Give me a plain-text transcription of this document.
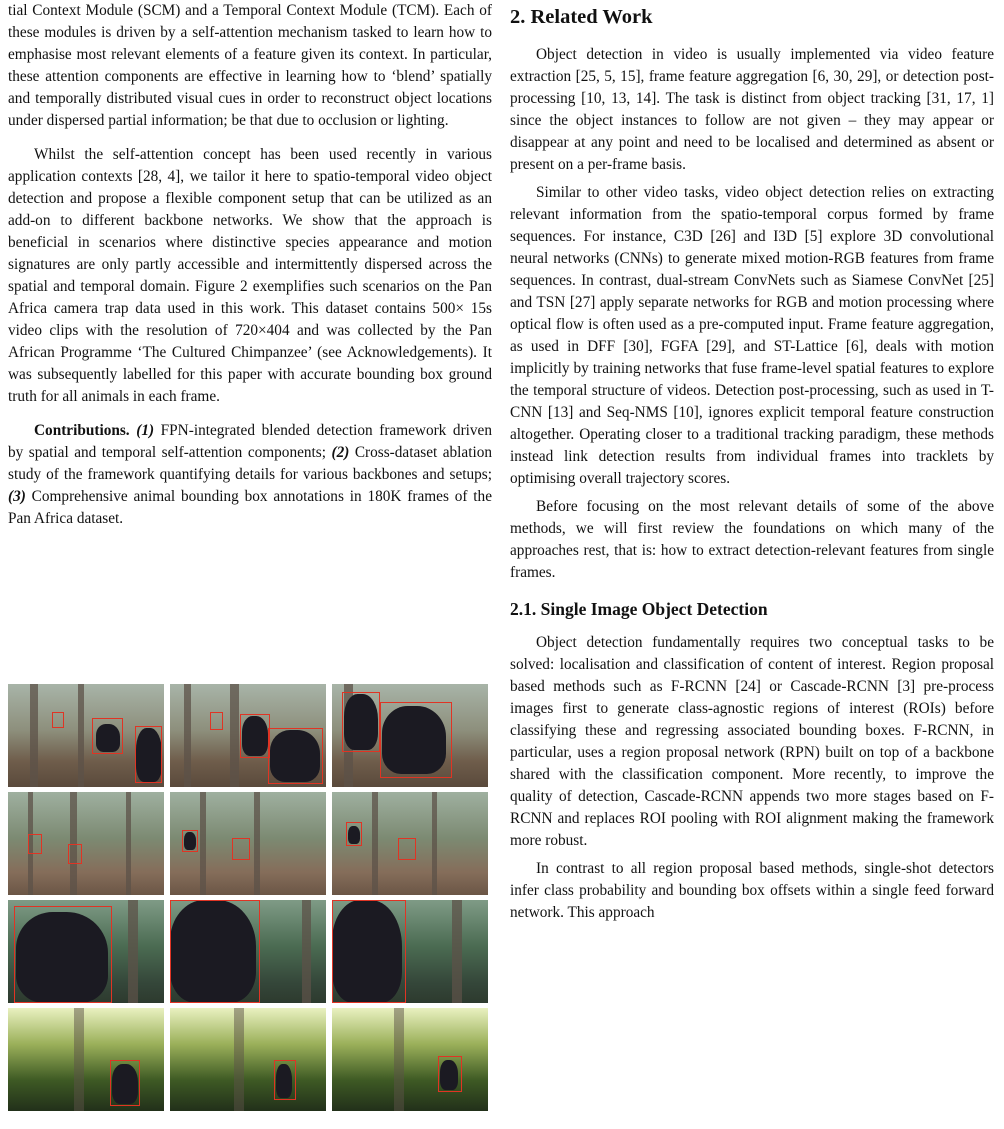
tial Context Module (SCM) and a Temporal Context Module (TCM). Each of these modules is driven by a self-attention mechanism tasked to learn how to emphasise most relevant elements of a feature given its context. In particular, these attention components are effective in learning how to ‘blend’ spatially and temporally distributed visual cues in order to reconstruct object locations under dispersed partial information; be that due to occlusion or lighting.

Whilst the self-attention concept has been used recently in various application contexts [28, 4], we tailor it here to spatio-temporal video object detection and propose a flexible component setup that can be utilized as an add-on to different backbone networks. We show that the approach is beneficial in scenarios where distinctive species appearance and motion signatures are only partly accessible and intermittently dispersed across the spatial and temporal domain. Figure 2 exemplifies such scenarios on the Pan Africa camera trap data used in this work. This dataset contains 500× 15s video clips with the resolution of 720×404 and was collected by the Pan African Programme ‘The Cultured Chimpanzee’ (see Acknowledgements). It was subsequently labelled for this paper with accurate bounding box ground truth for all animals in each frame.

Contributions. (1) FPN-integrated blended detection framework driven by spatial and temporal self-attention components; (2) Cross-dataset ablation study of the framework quantifying details for various backbones and setups; (3) Comprehensive animal bounding box annotations in 180K frames of the Pan Africa dataset.

2. Related Work

Object detection in video is usually implemented via video feature extraction [25, 5, 15], frame feature aggregation [6, 30, 29], or detection post-processing [10, 13, 14]. The task is distinct from object tracking [31, 17, 1] since the object instances to follow are not given – they may appear or disappear at any point and need to be localised and determined as absent or present on a per-frame basis.

Similar to other video tasks, video object detection relies on extracting relevant information from the spatio-temporal corpus formed by frame sequences. For instance, C3D [26] and I3D [5] explore 3D convolutional neural networks (CNNs) to generate mixed motion-RGB features from frame sequences. In contrast, dual-stream ConvNets such as Siamese ConvNet [25] and TSN [27] apply separate networks for RGB and motion processing where optical flow is often used as a pre-computed input. Frame feature aggregation, as used in DFF [30], FGFA [29], and ST-Lattice [6], deals with motion implicitly by training networks that fuse frame-level spatial features to explore the temporal structure of videos. Detection post-processing, such as used in T-CNN [13] and Seq-NMS [10], ignores explicit temporal feature construction altogether. Operating closer to a traditional tracking paradigm, these methods instead link detection results from individual frames into tracklets by optimising overall trajectory scores.

Before focusing on the most relevant details of some of the above methods, we will first review the foundations on which many of the approaches rest, that is: how to extract detection-relevant features from single frames.

2.1. Single Image Object Detection

Object detection fundamentally requires two conceptual tasks to be solved: localisation and classification of content of interest. Region proposal based methods such as F-RCNN [24] or Cascade-RCNN [3] pre-process images first to generate class-agnostic regions of interest (ROIs) before classifying these and regressing associated bounding boxes. F-RCNN, in particular, uses a region proposal network (RPN) built on top of a backbone shared with the classification component. More recently, to improve the quality of detection, Cascade-RCNN appends two more stages based on F-RCNN and replaces ROI pooling with ROI alignment making the framework more robust.

In contrast to all region proposal based methods, single-shot detectors infer class probability and bounding box offsets within a single feed forward network. This approach
